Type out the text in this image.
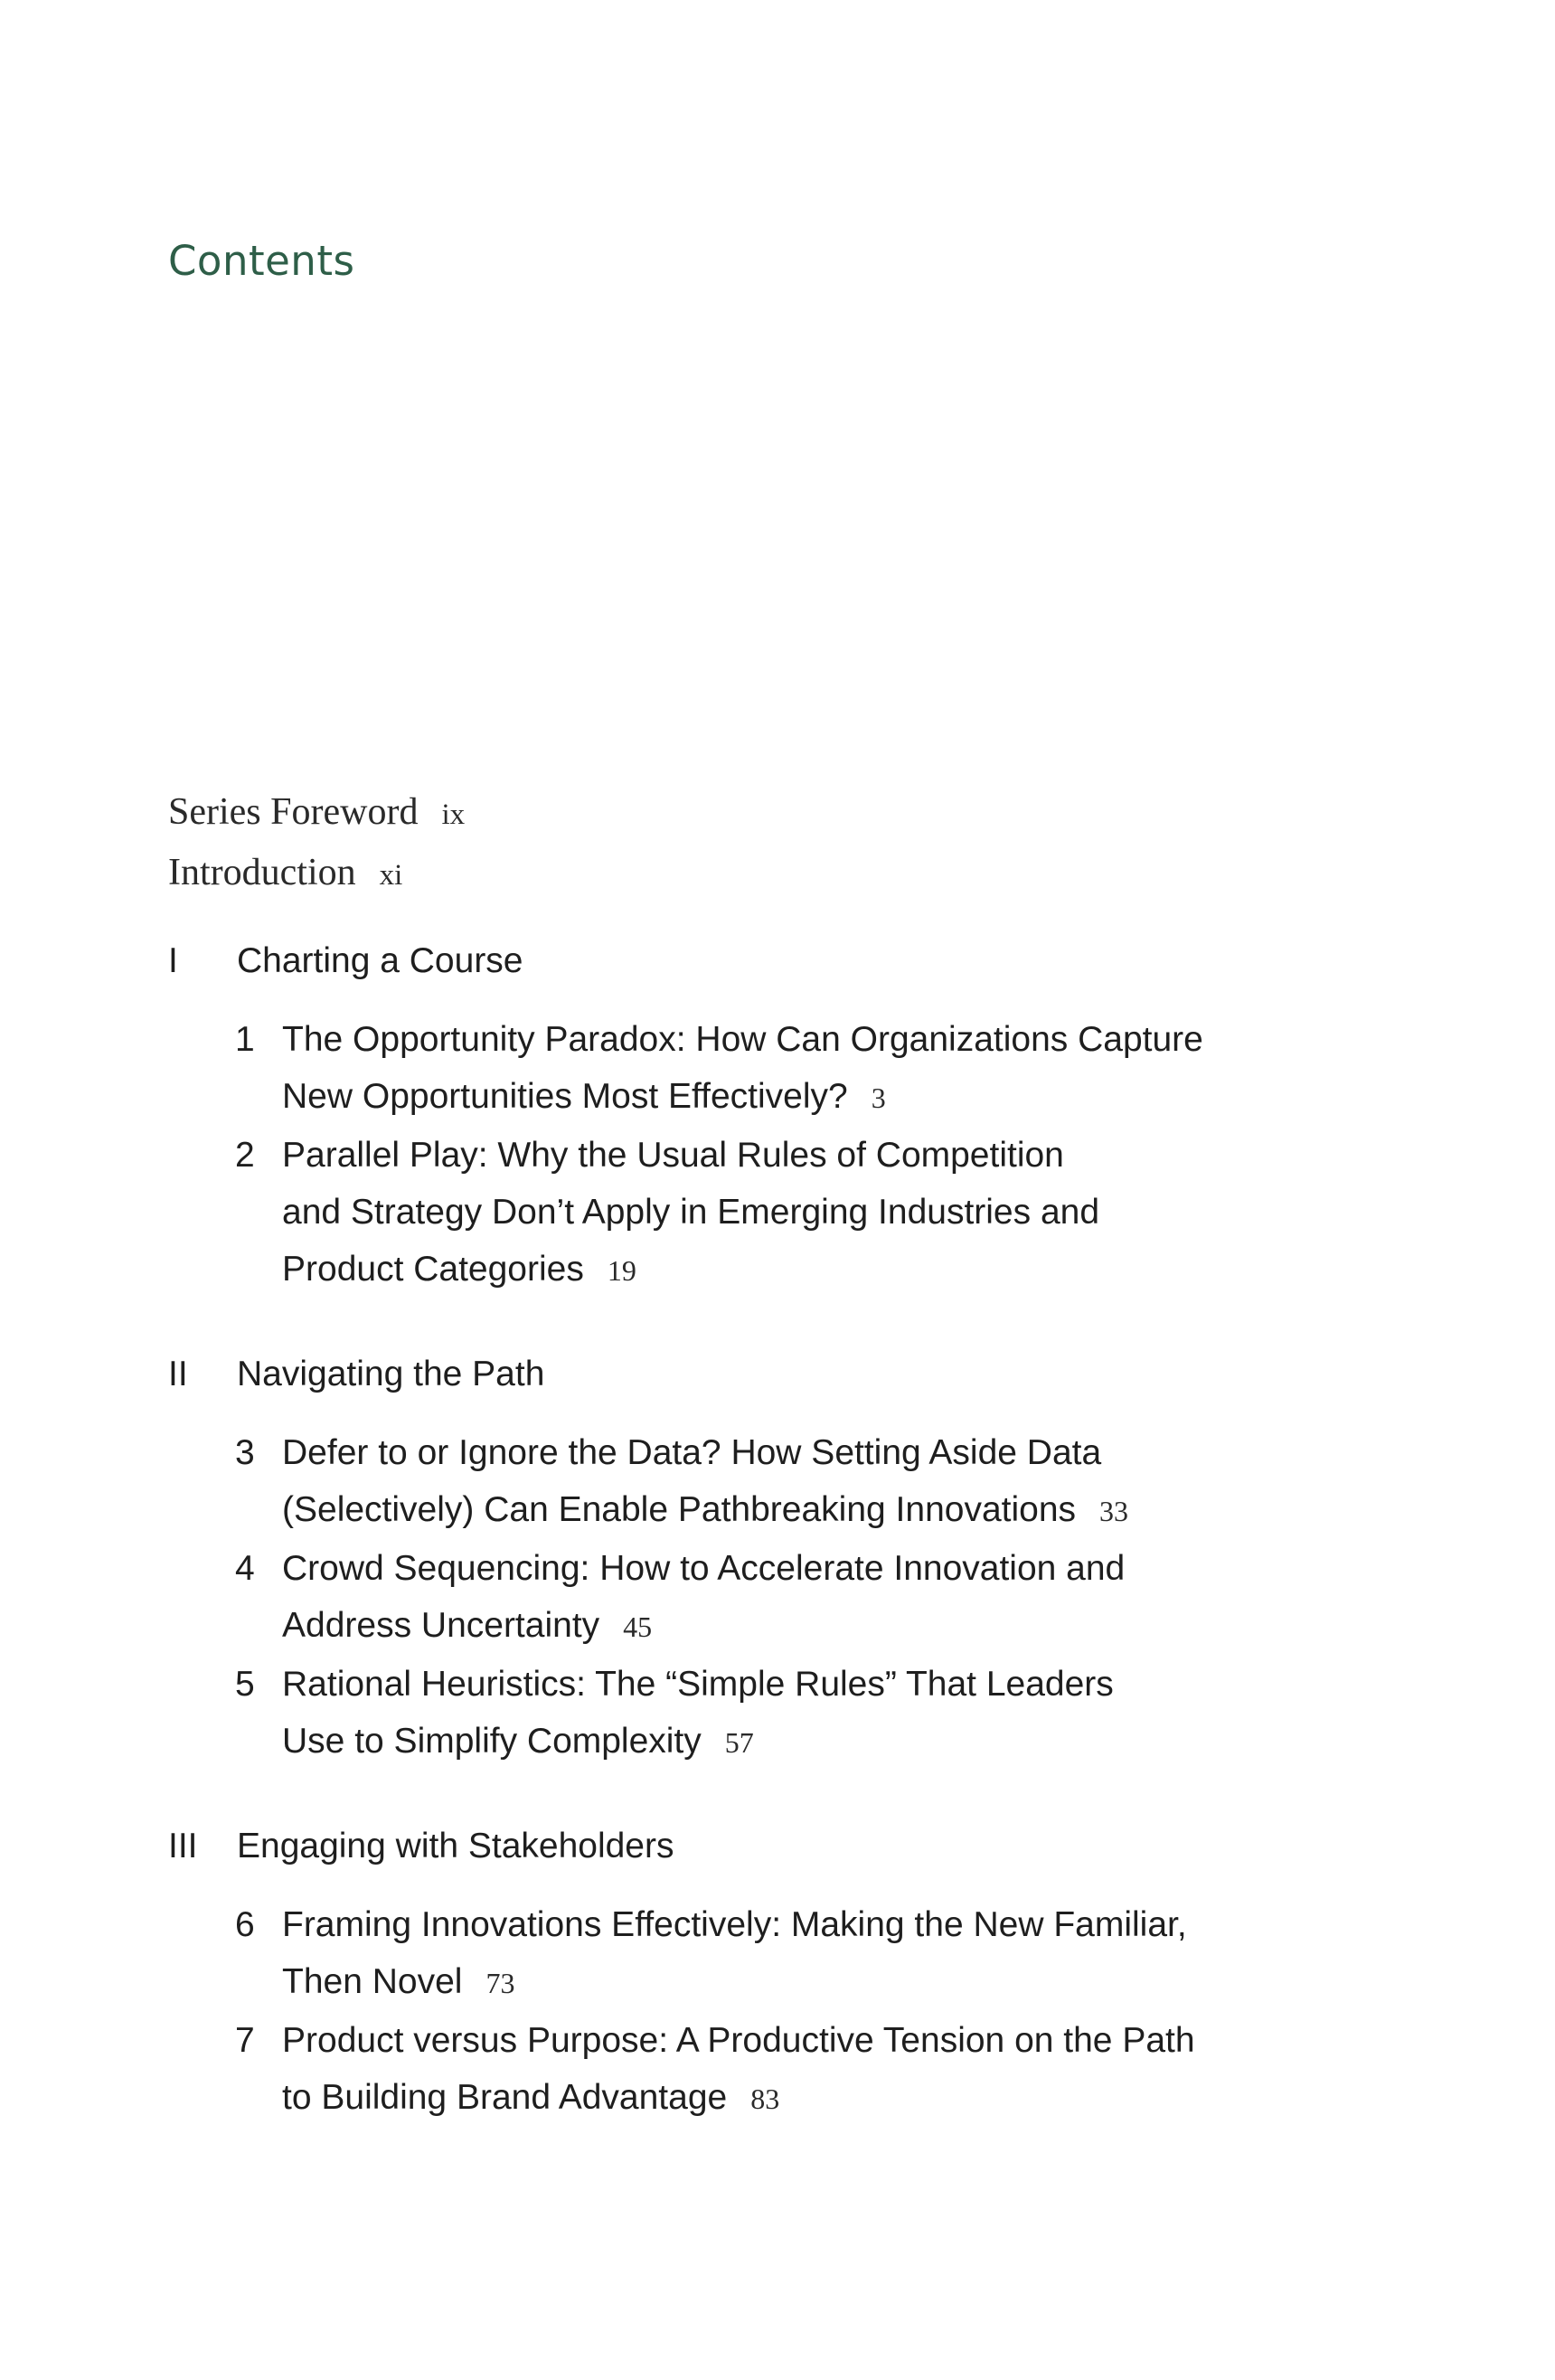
Contents
Series Foreword ix
Introduction xi
I Charting a Course
1 The Opportunity Paradox: How Can Organizations Capture
New Opportunities Most Effectively? 3
2 Parallel Play: Why the Usual Rules of Competition
and Strategy Don’t Apply in Emerging Industries and
Product Categories 19
II Navigating the Path
3 Defer to or Ignore the Data? How Setting Aside Data
(Selectively) Can Enable Pathbreaking Innovations 33
4 Crowd Sequencing: How to Accelerate Innovation and
Address Uncertainty 45
5 Rational Heuristics: The “Simple Rules” That Leaders
Use to Simplify Complexity 57
III Engaging with Stakeholders
6 Framing Innovations Effectively: Making the New Familiar,
Then Novel 73
7 Product versus Purpose: A Productive Tension on the Path
to Building Brand Advantage 83
